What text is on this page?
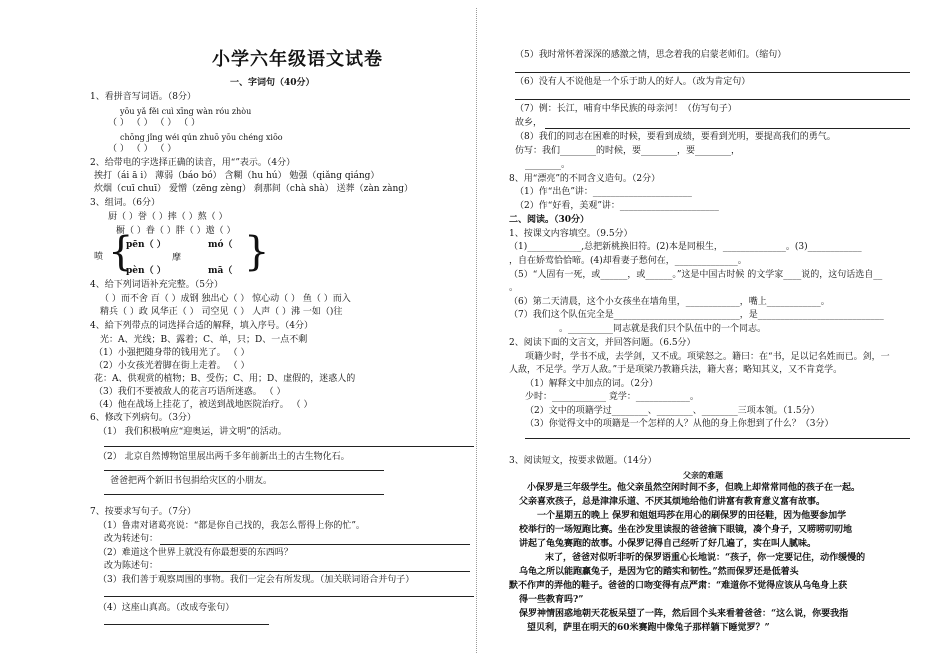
小学六年级语文试卷
一、字词句（40分）
1、看拼音写词语。（8分）
yōu yǎ fěi cuì xīng wàn róu zhòu
（ ） （ ） （ ） （ ）
chōng jǐng wéi qún zhuō yōu chéng xiōo
（ ） （ ） （ ）
2、给带电的字选择正确的读音，用“”表示。（4分）
挨打（ái ā i） 薄弱（báo bó） 含糊（hu hú） 勉强（qiǎng qiáng）
炊烟（cuī chuī） 爱憎（zēng zèng） 刹那间（chà shà） 送葬（zàn zàng）
3、组词。（6分）
厨（ ）誉（ ）摔（ ）熬（ ）
橱（ ）眷（ ）胖（ ）遨（ ）
喷 {
pēn（ ）	mó（
摩
pèn（ ）	mā（ }
4、给下列词语补充完整。（5分）
（ ）而不舍 百（ ）成钢 独出心（ ） 惊心动（ ） 鱼（ ）而入
精兵（ ）政 风华正（ ） 司空见（ ） 人声（ ）沸 一如（)往
4、給下列带点的词选择合适的解释，填入序号。（4分）
光：A、光线；B、露着；C、单，只；D、一点不剩
（1）小强把随身带的钱用光了。 （ ）
（2）小女孩光着脚在街上走着。 （ ）
花：A、供观赏的植物；B、受伤；C、用；D、虚假的，迷惑人的
（3）我们不要被敌人的花言巧语所迷惑。 （ ）
（4）他在战场上挂花了，被送到战地医院治疗。 （ ）
6、修改下列病句。（3分）
（1） 我们积极响应“迎奥运，讲文明”的活动。
（2） 北京自然博物馆里展出两千多年前新出土的古生物化石。
爸爸把两个新旧书包捐给灾区的小朋友。
7、按要求写句子。（7分）
（1）鲁肃对诸葛亮说：“都是你自己找的，我怎么帮得上你的忙”。
改为转述句：
（2）难道这个世界上就没有你最想要的东西吗？
改为陈述句：
（3）我们善于观察周围的事物。我们一定会有所发现。（加关联词语合并句子）
（4）这座山真高。（改成夸张句）
（5）我时常怀着深深的感激之情，思念着我的启蒙老师们。（缩句）
（6）没有人不说他是一个乐于助人的好人。（改为肯定句）
（7）例：长江，哺育中华民族的母亲河！（仿写句子）
故乡，
（8）我们的同志在困难的时候，要看到成绩，要看到光明，要提高我们的勇气。
仿写：我们________的时候，要________，要________，
________。
8、用“漂亮”的不同含义造句。（2分）
（1）作“出色”讲：______________________
（2）作“好看，美观”讲：______________________
二、阅读。（30分）
1、按课文内容填空。（9.5分）
（1)____________,总把新桃换旧符。(2)本是同根生，______________。(3)____________
，自在娇莺恰恰啼。(4)却看妻子愁何在，______________。
（5）“人固有一死，或______，或______。”这是中国古时候 的文学家____说的，这句话选自__
。
（6）第二天清晨，这个小女孩坐在墙角里，____________，嘴上____________。
（7）我们这个队伍完全是____________________________，是____________________________
。__________同志就是我们只个队伍中的一个同志。
2、阅读下面的文言文，并回答问题。（6.5分）
项籍少时，学书不成，去学剑，又不成。项梁怒之。籍曰：在“书，足以记名姓而已。剑，一
人敌，不足学。学万人敌。”于是项梁乃教籍兵法，籍大喜；略知其义，又不肯竟学。
（1）解释文中加点的词。（2分）
少时：____________ 竟学：____________。
（2）文中的项籍学过________、________、________三项本领。（1.5分）
（3）你觉得文中的项籍是一个怎样的人？从他的身上你想到了什么？（3分）
3、阅读短文，按要求做题。（14分）
父亲的难题
小保罗是三年级学生。他父亲虽然空闲时间不多，但晚上却常常同他的孩子在一起。
父亲喜欢孩子，总是津津乐道、不厌其烦地给他们讲富有教育意义富有故事。
一个星期五的晚上 保罗和姐姐玛莎在用心的刷保罗的田径鞋，因为他要参加学
校举行的一场短跑比赛。坐在沙发里读报的爸爸摘下眼镜，凑个身子，又唠唠叨叨地
讲起了龟兔赛跑的故事。小保罗记得自己经听了好几遍了，实在叫人腻味。
末了，爸爸对似听非听的保罗语重心长地说：“孩子，你一定要记住，动作缓慢的
乌龟之所以能跑赢兔子，是因为它的踏实和韧性。”然而保罗还是低着头
默不作声的弄他的鞋子。爸爸的口吻变得有点严肃：“难道你不觉得应该从乌龟身上获
得一些教育吗?”
保罗神情困惑地朝天花板呆望了一阵，然后回个头来看着爸爸：“这么说，你要我指
望贝利，萨里在明天的60米赛跑中像兔子那样躺下睡觉罗？”
